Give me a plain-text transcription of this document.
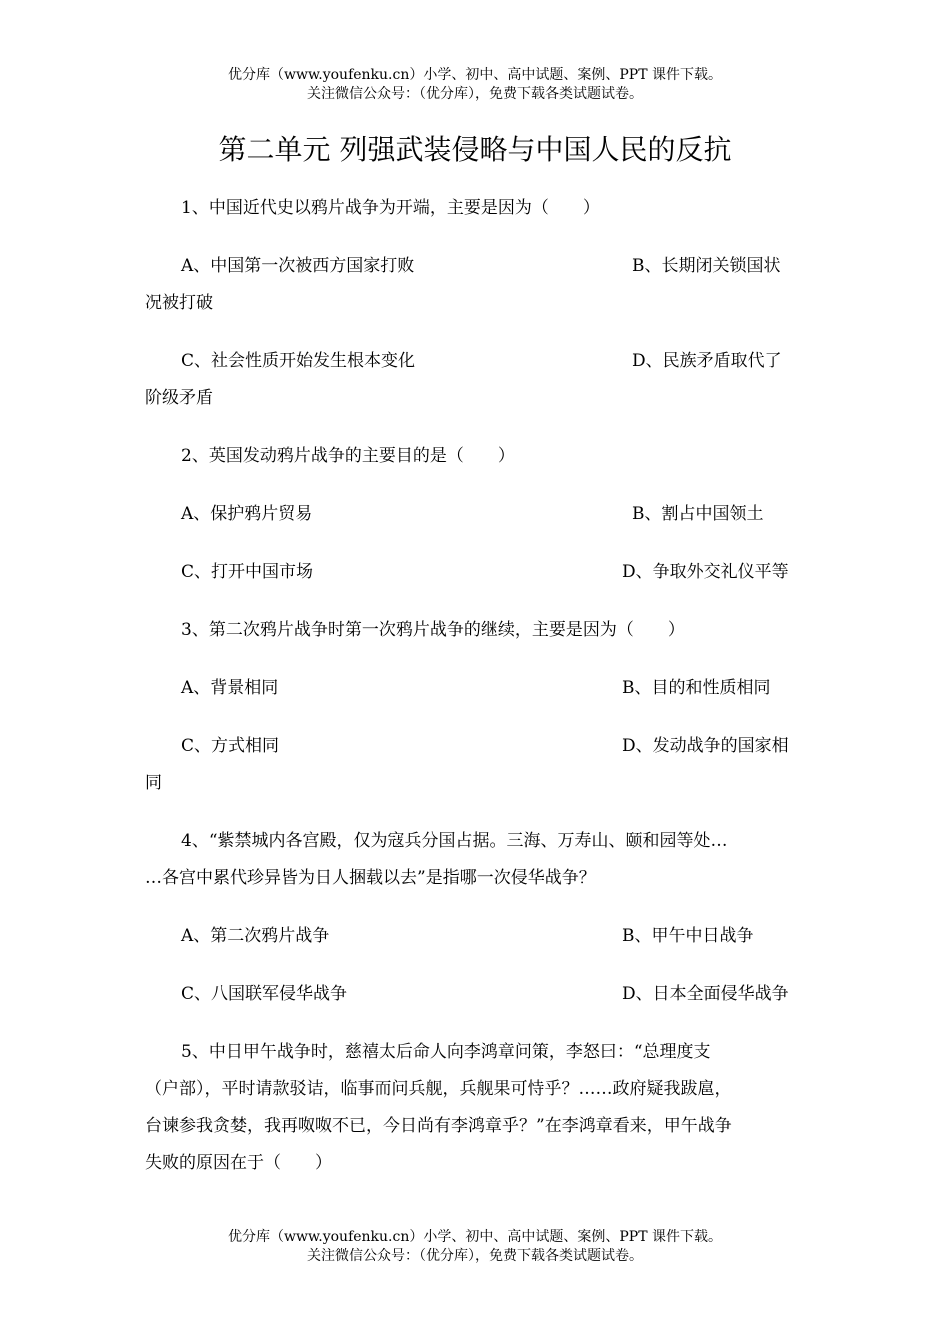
优分库（www.youfenku.cn）小学、初中、高中试题、案例、PPT 课件下载。
关注微信公众号：（优分库），免费下载各类试题试卷。
第二单元 列强武装侵略与中国人民的反抗
1、中国近代史以鸦片战争为开端，主要是因为（　　）
A、中国第一次被西方国家打败	B、长期闭关锁国状
况被打破
C、社会性质开始发生根本变化	D、民族矛盾取代了
阶级矛盾
2、英国发动鸦片战争的主要目的是（　　）
A、保护鸦片贸易	B、割占中国领土
C、打开中国市场	D、争取外交礼仪平等
3、第二次鸦片战争时第一次鸦片战争的继续，主要是因为（　　）
A、背景相同	B、目的和性质相同
C、方式相同	D、发动战争的国家相
同
4、“紫禁城内各宫殿，仅为寇兵分国占据。三海、万寿山、颐和园等处…
…各宫中累代珍异皆为日人捆载以去”是指哪一次侵华战争？
A、第二次鸦片战争	B、甲午中日战争
C、八国联军侵华战争	D、日本全面侵华战争
5、中日甲午战争时，慈禧太后命人向李鸿章问策，李怒曰：“总理度支
（户部），平时请款驳诘，临事而问兵舰，兵舰果可恃乎？……政府疑我跋扈，
台谏参我贪婪，我再呶呶不已，今日尚有李鸿章乎？”在李鸿章看来，甲午战争
失败的原因在于（　　）
优分库（www.youfenku.cn）小学、初中、高中试题、案例、PPT 课件下载。
关注微信公众号：（优分库），免费下载各类试题试卷。
